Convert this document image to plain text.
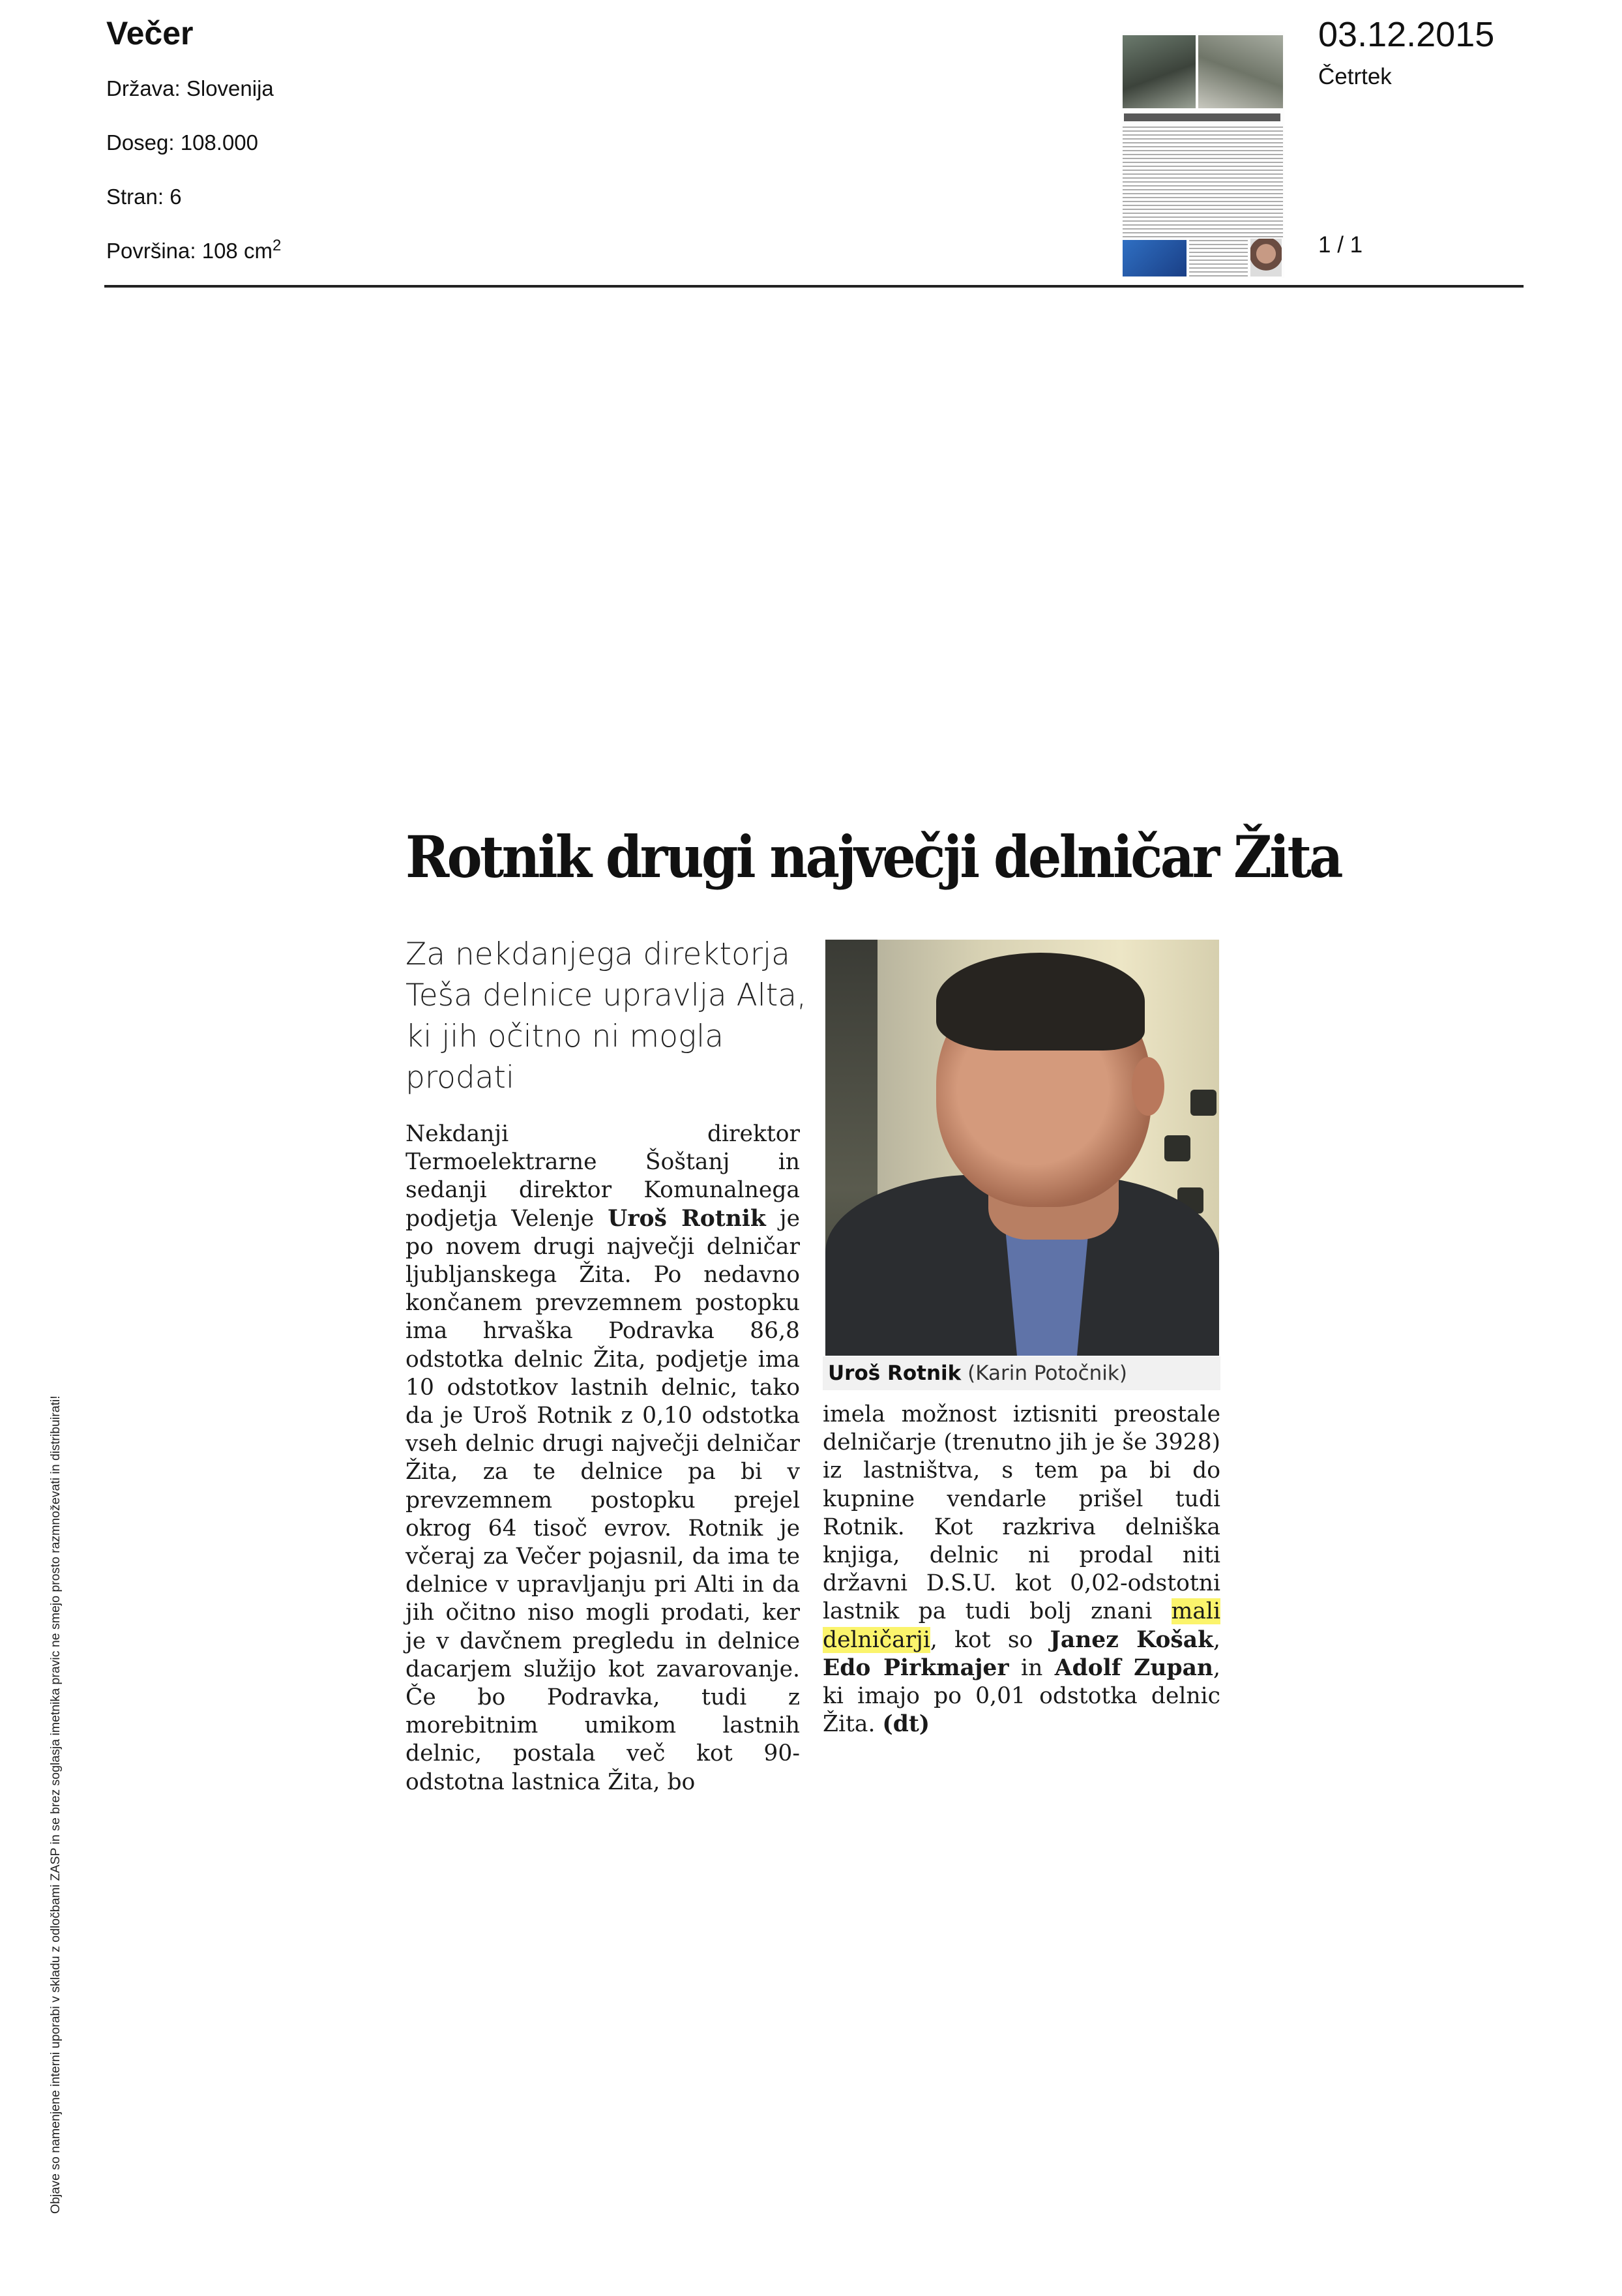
Večer
Država: Slovenija
Doseg: 108.000
Stran: 6
Površina: 108 $cm^2$
03.12.2015
Četrtek
1 / 1
Rotnik drugi največji delničar Žita
Za nekdanjega direktorja Teša delnice upravlja Alta, ki jih očitno ni mogla prodati
Uroš Rotnik (Karin Potočnik)
Nekdanji direktor Termoelektrarne Šoštanj in sedanji direktor Komunalnega podjetja Velenje Uroš Rotnik je po novem drugi največji delničar ljubljanskega Žita. Po nedavno končanem prevzemnem postopku ima hrvaška Podravka 86,8 odstotka delnic Žita, podjetje ima 10 odstotkov lastnih delnic, tako da je Uroš Rotnik z 0,10 odstotka vseh delnic drugi največji delničar Žita, za te delnice pa bi v prevzemnem postopku prejel okrog 64 tisoč evrov. Rotnik je včeraj za Večer pojasnil, da ima te delnice v upravljanju pri Alti in da jih očitno niso mogli prodati, ker je v davčnem pregledu in delnice dacarjem služijo kot zavarovanje. Če bo Podravka, tudi z morebitnim umikom lastnih delnic, postala več kot 90-odstotna lastnica Žita, bo
imela možnost iztisniti preostale delničarje (trenutno jih je še 3928) iz lastništva, s tem pa bi do kupnine vendarle prišel tudi Rotnik. Kot razkriva delniška knjiga, delnic ni prodal niti državni D.S.U. kot 0,02-odstotni lastnik pa tudi bolj znani mali delničarji, kot so Janez Košak, Edo Pirkmajer in Adolf Zupan, ki imajo po 0,01 odstotka delnic Žita. (dt)
Objave so namenjene interni uporabi v skladu z odločbami ZASP in se brez soglasja imetnika pravic ne smejo prosto razmnoževati in distribuirati!
